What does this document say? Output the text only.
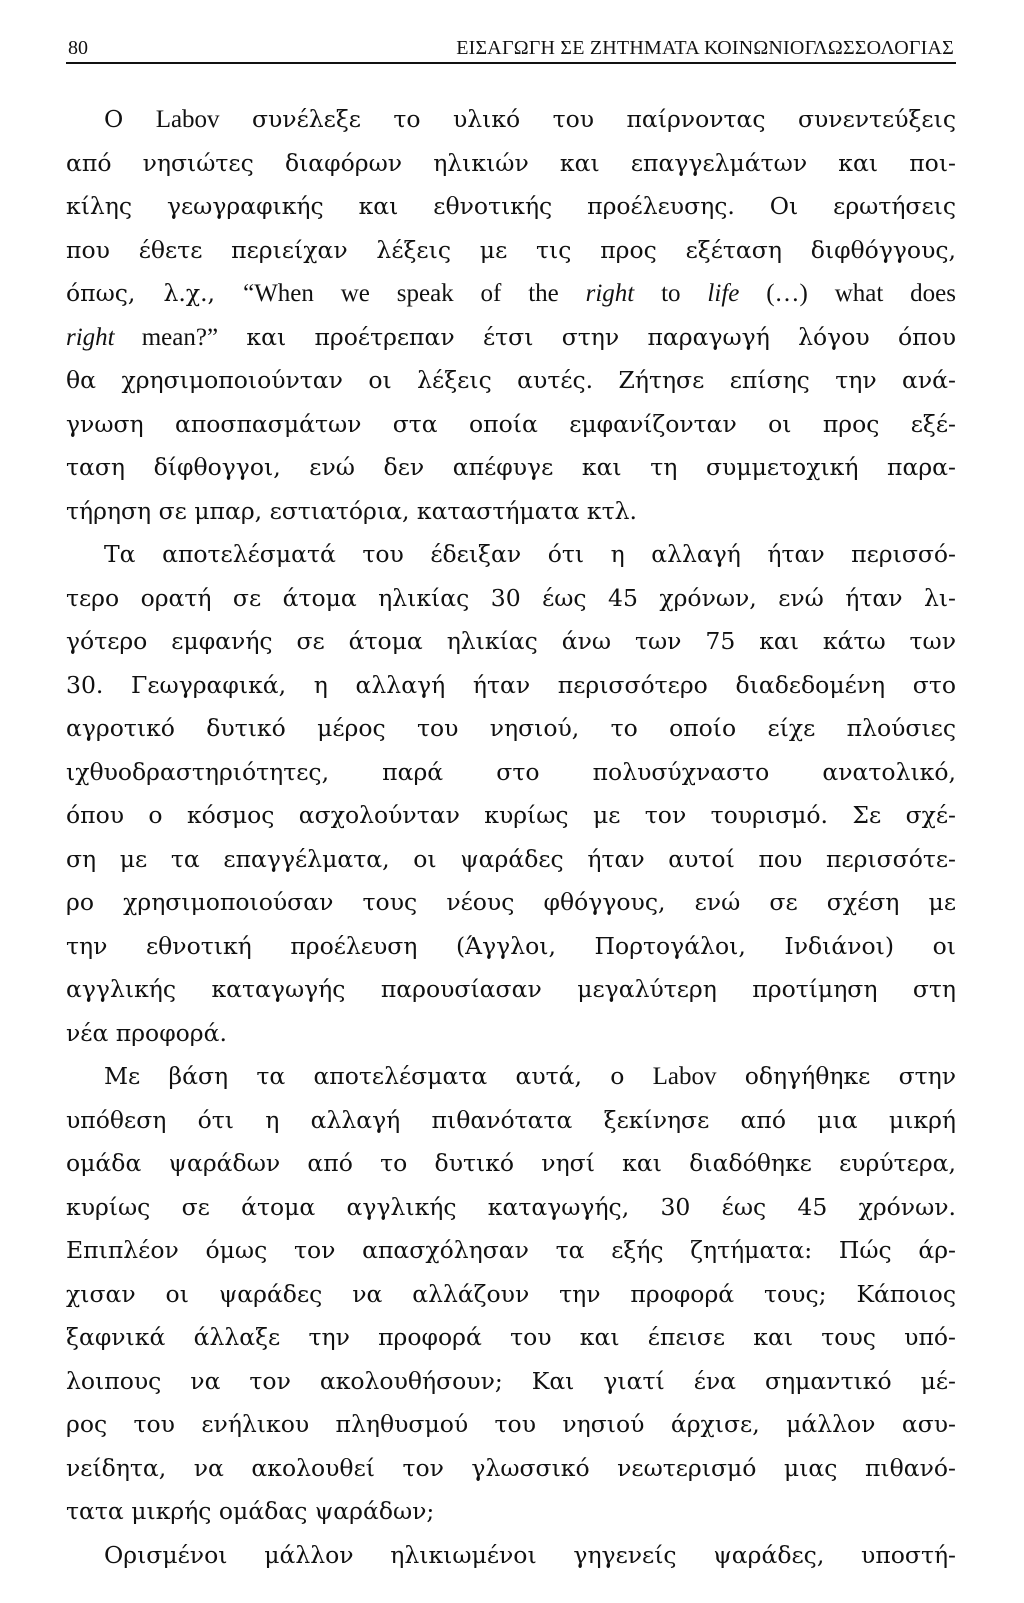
80	ΕΙΣΑΓΩΓΗ ΣΕ ΖΗΤΗΜΑΤΑ ΚΟΙΝΩΝΙΟΓΛΩΣΣΟΛΟΓΙΑΣ
Ο Labov συνέλεξε το υλικό του παίρνοντας συνεντεύξεις
από νησιώτες διαφόρων ηλικιών και επαγγελμάτων και ποι-
κίλης γεωγραφικής και εθνοτικής προέλευσης. Οι ερωτήσεις
που έθετε περιείχαν λέξεις με τις προς εξέταση διφθόγγους,
όπως, λ.χ., “When we speak of the right to life (…) what does
right mean?” και προέτρεπαν έτσι στην παραγωγή λόγου όπου
θα χρησιμοποιούνταν οι λέξεις αυτές. Ζήτησε επίσης την ανά-
γνωση αποσπασμάτων στα οποία εμφανίζονταν οι προς εξέ-
ταση δίφθογγοι, ενώ δεν απέφυγε και τη συμμετοχική παρα-
τήρηση σε μπαρ, εστιατόρια, καταστήματα κτλ.
Τα αποτελέσματά του έδειξαν ότι η αλλαγή ήταν περισσό-
τερο ορατή σε άτομα ηλικίας 30 έως 45 χρόνων, ενώ ήταν λι-
γότερο εμφανής σε άτομα ηλικίας άνω των 75 και κάτω των
30. Γεωγραφικά, η αλλαγή ήταν περισσότερο διαδεδομένη στο
αγροτικό δυτικό μέρος του νησιού, το οποίο είχε πλούσιες
ιχθυοδραστηριότητες, παρά στο πολυσύχναστο ανατολικό,
όπου ο κόσμος ασχολούνταν κυρίως με τον τουρισμό. Σε σχέ-
ση με τα επαγγέλματα, οι ψαράδες ήταν αυτοί που περισσότε-
ρο χρησιμοποιούσαν τους νέους φθόγγους, ενώ σε σχέση με
την εθνοτική προέλευση (Άγγλοι, Πορτογάλοι, Ινδιάνοι) οι
αγγλικής καταγωγής παρουσίασαν μεγαλύτερη προτίμηση στη
νέα προφορά.
Με βάση τα αποτελέσματα αυτά, ο Labov οδηγήθηκε στην
υπόθεση ότι η αλλαγή πιθανότατα ξεκίνησε από μια μικρή
ομάδα ψαράδων από το δυτικό νησί και διαδόθηκε ευρύτερα,
κυρίως σε άτομα αγγλικής καταγωγής, 30 έως 45 χρόνων.
Επιπλέον όμως τον απασχόλησαν τα εξής ζητήματα: Πώς άρ-
χισαν οι ψαράδες να αλλάζουν την προφορά τους; Κάποιος
ξαφνικά άλλαξε την προφορά του και έπεισε και τους υπό-
λοιπους να τον ακολουθήσουν; Και γιατί ένα σημαντικό μέ-
ρος του ενήλικου πληθυσμού του νησιού άρχισε, μάλλον ασυ-
νείδητα, να ακολουθεί τον γλωσσικό νεωτερισμό μιας πιθανό-
τατα μικρής ομάδας ψαράδων;
Ορισμένοι μάλλον ηλικιωμένοι γηγενείς ψαράδες, υποστή-
